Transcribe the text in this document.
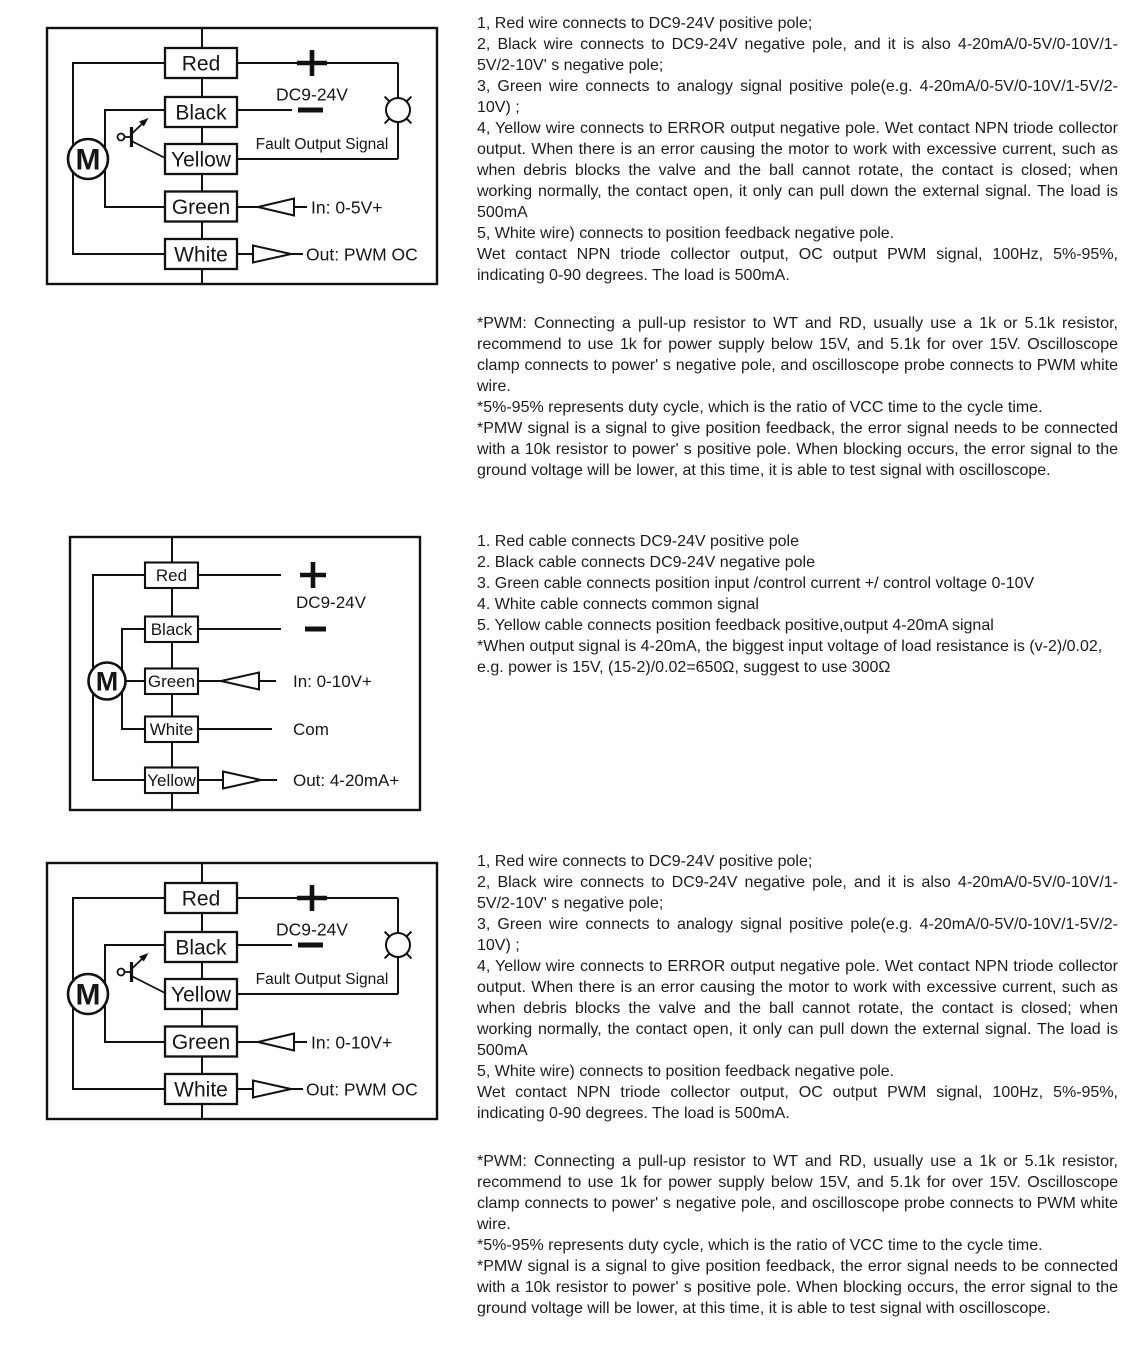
M
Red
Black
Yellow
Green
White
DC9-24V
Fault Output Signal
In: 0-5V+
Out: PWM OC

1, Red wire connects to DC9-24V positive pole;

2, Black wire connects to DC9-24V negative pole, and it is also 4-20mA/0-5V/0-10V/1-5V/2-10V' s negative pole;

3, Green wire connects to analogy signal positive pole(e.g. 4-20mA/0-5V/0-10V/1-5V/2-10V) ;

4, Yellow wire connects to ERROR output negative pole. Wet contact NPN triode collector output. When there is an error causing the motor to work with excessive current, such as when debris blocks the valve and the ball cannot rotate, the contact is closed; when working normally, the contact open, it only can pull down the external signal. The load is 500mA

5, White wire) connects to position feedback negative pole.

Wet contact NPN triode collector output, OC output PWM signal, 100Hz, 5%-95%, indicating 0-90 degrees. The load is 500mA.

*PWM: Connecting a pull-up resistor to WT and RD, usually use a 1k or 5.1k resistor, recommend to use 1k for power supply below 15V, and 5.1k for over 15V. Oscilloscope clamp connects to power' s negative pole, and oscilloscope probe connects to PWM white wire.

*5%-95% represents duty cycle, which is the ratio of VCC time to the cycle time.

*PMW signal is a signal to give position feedback, the error signal needs to be connected with a 10k resistor to power' s positive pole. When blocking occurs, the error signal to the ground voltage will be lower, at this time, it is able to test signal with oscilloscope.

M
Red
Black
Green
White
Yellow
DC9-24V
In: 0-10V+
Com
Out: 4-20mA+

1. Red cable connects DC9-24V positive pole

2. Black cable connects DC9-24V negative pole

3. Green cable connects position input /control current +/ control voltage 0-10V

4. White cable connects common signal

5. Yellow cable connects position feedback positive,output 4-20mA signal

*When output signal is 4-20mA, the biggest input voltage of load resistance is (v-2)/0.02, e.g. power is 15V, (15-2)/0.02=650Ω, suggest to use 300Ω

M
Red
Black
Yellow
Green
White
DC9-24V
Fault Output Signal
In: 0-10V+
Out: PWM OC

1, Red wire connects to DC9-24V positive pole;

2, Black wire connects to DC9-24V negative pole, and it is also 4-20mA/0-5V/0-10V/1-5V/2-10V' s negative pole;

3, Green wire connects to analogy signal positive pole(e.g. 4-20mA/0-5V/0-10V/1-5V/2-10V) ;

4, Yellow wire connects to ERROR output negative pole. Wet contact NPN triode collector output. When there is an error causing the motor to work with excessive current, such as when debris blocks the valve and the ball cannot rotate, the contact is closed; when working normally, the contact open, it only can pull down the external signal. The load is 500mA

5, White wire) connects to position feedback negative pole.

Wet contact NPN triode collector output, OC output PWM signal, 100Hz, 5%-95%, indicating 0-90 degrees. The load is 500mA.

*PWM: Connecting a pull-up resistor to WT and RD, usually use a 1k or 5.1k resistor, recommend to use 1k for power supply below 15V, and 5.1k for over 15V. Oscilloscope clamp connects to power' s negative pole, and oscilloscope probe connects to PWM white wire.

*5%-95% represents duty cycle, which is the ratio of VCC time to the cycle time.

*PMW signal is a signal to give position feedback, the error signal needs to be connected with a 10k resistor to power' s positive pole. When blocking occurs, the error signal to the ground voltage will be lower, at this time, it is able to test signal with oscilloscope.
